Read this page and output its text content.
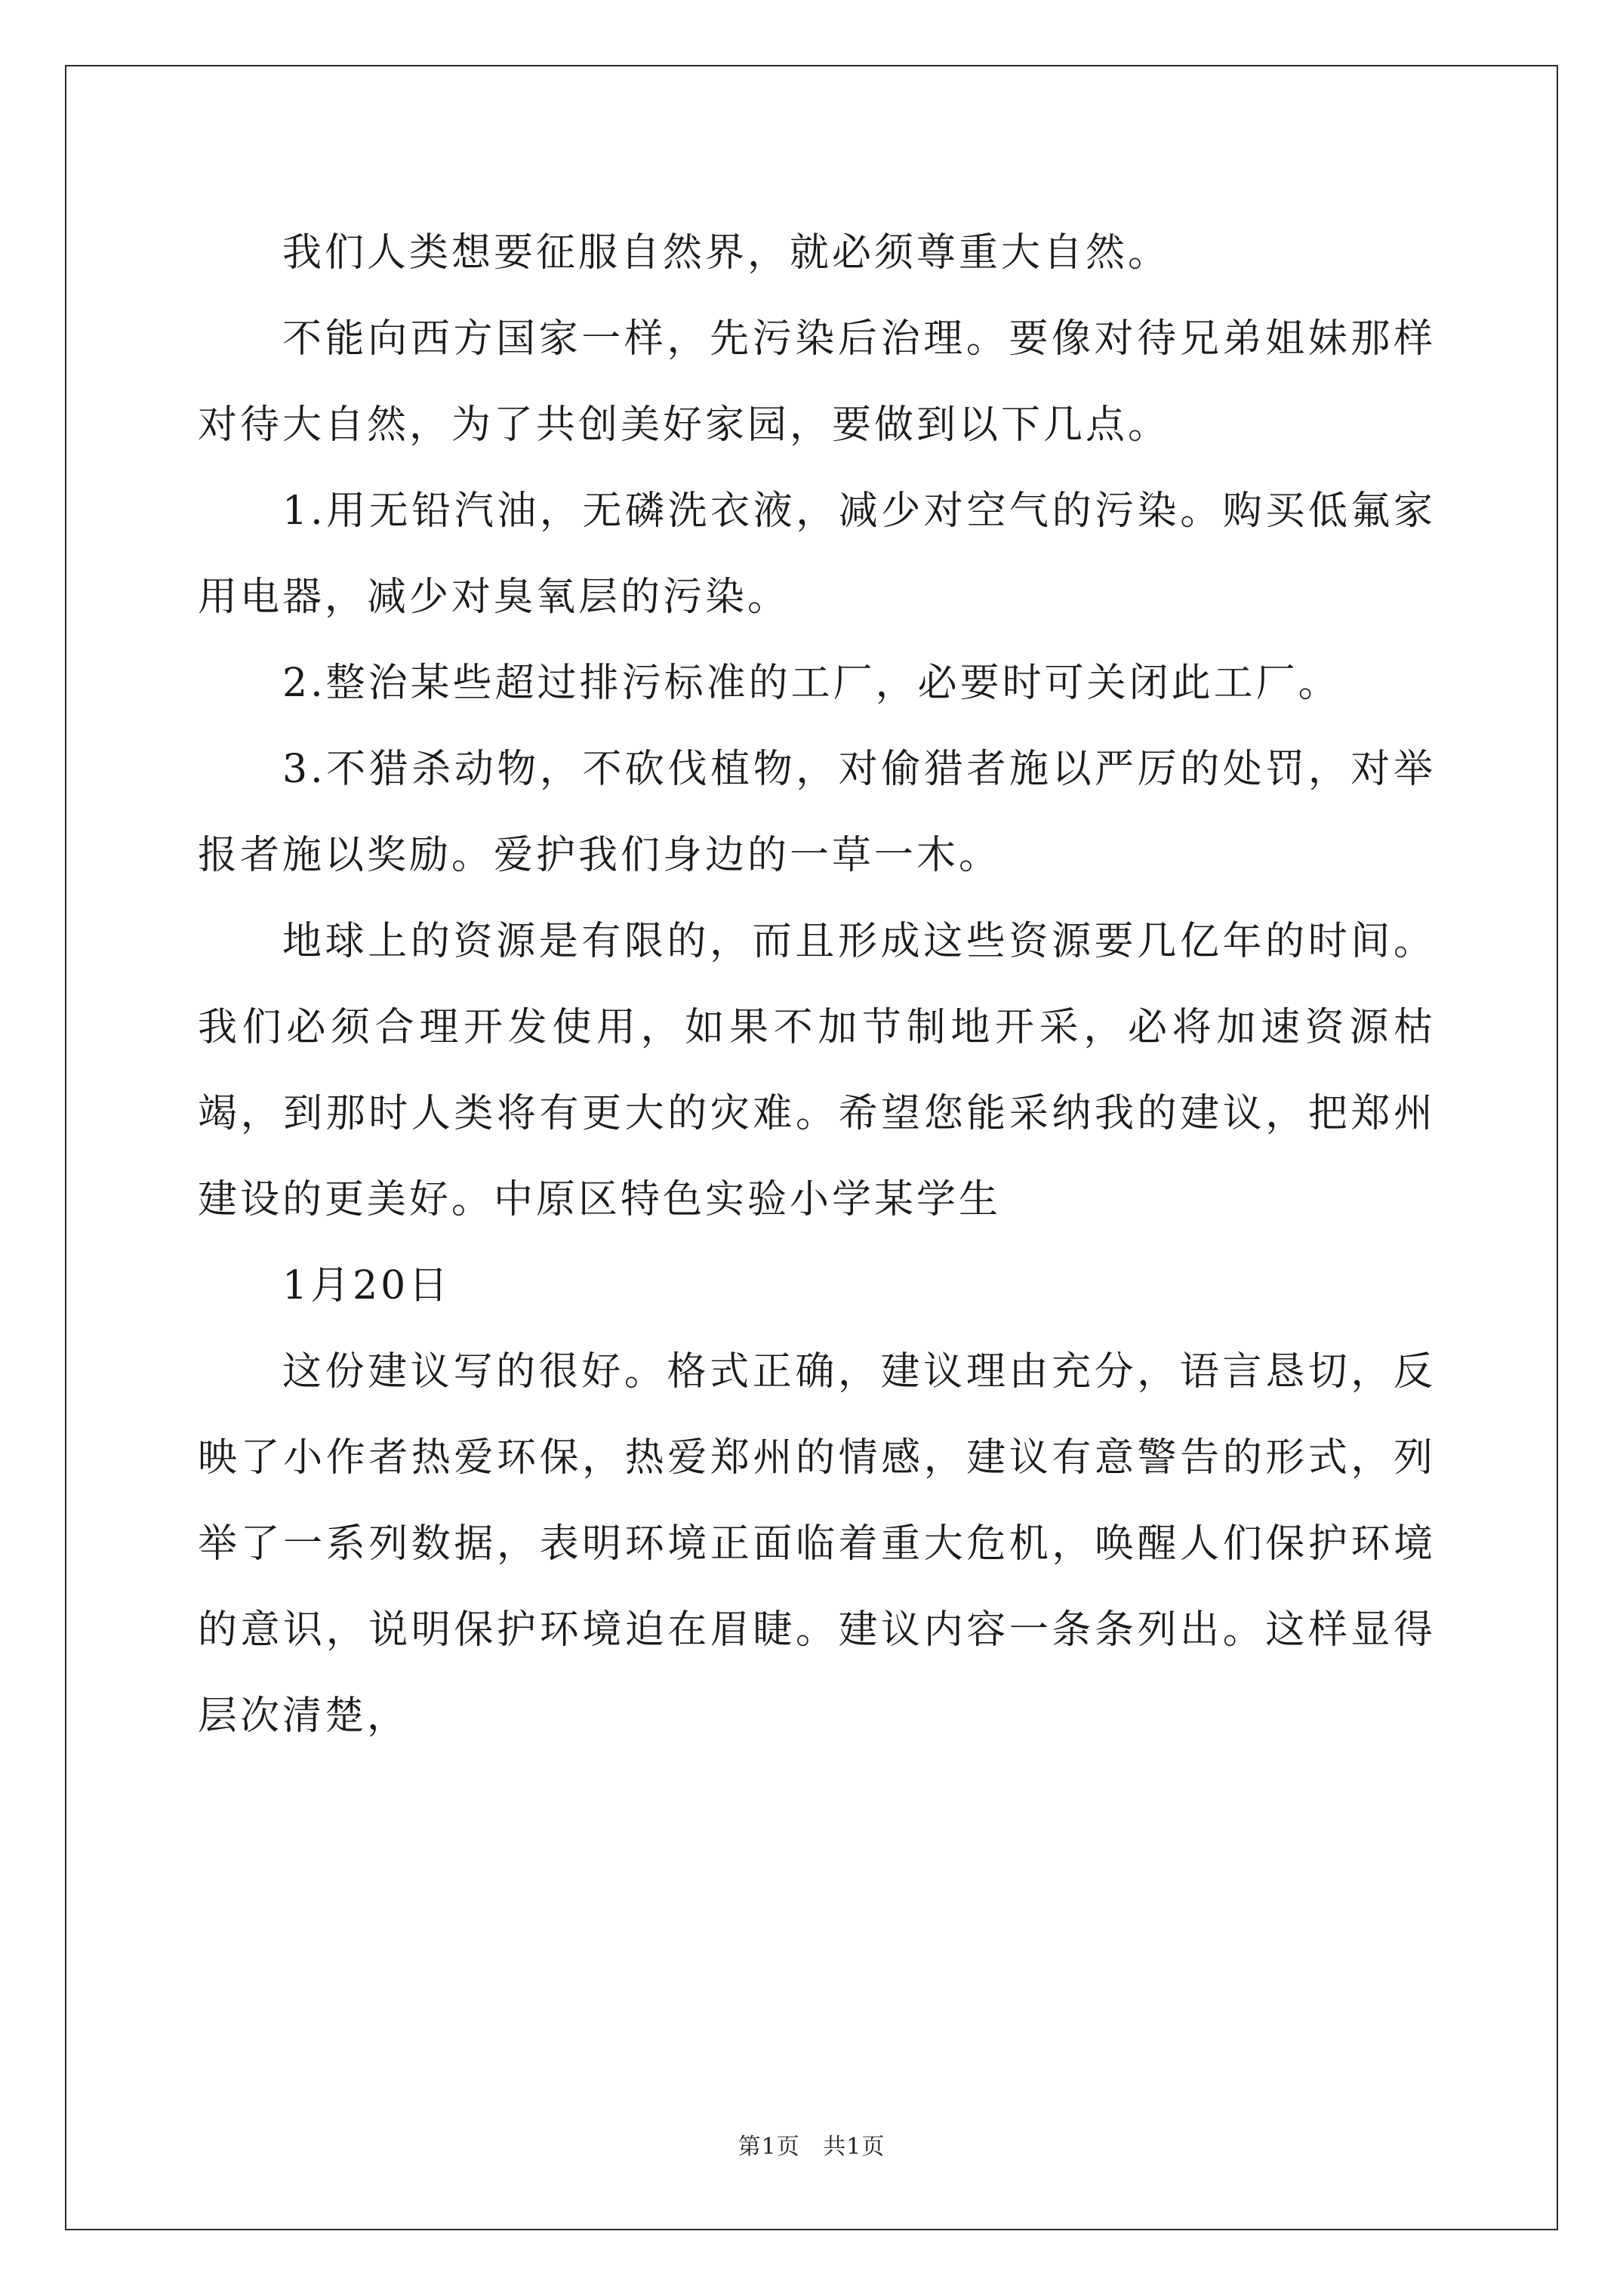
我们人类想要征服自然界，就必须尊重大自然。

不能向西方国家一样，先污染后治理。要像对待兄弟姐妹那样对待大自然，为了共创美好家园，要做到以下几点。

1.用无铅汽油，无磷洗衣液，减少对空气的污染。购买低氟家用电器，减少对臭氧层的污染。

2.整治某些超过排污标准的工厂，必要时可关闭此工厂。

3.不猎杀动物，不砍伐植物，对偷猎者施以严厉的处罚，对举报者施以奖励。爱护我们身边的一草一木。

地球上的资源是有限的，而且形成这些资源要几亿年的时间。我们必须合理开发使用，如果不加节制地开采，必将加速资源枯竭，到那时人类将有更大的灾难。希望您能采纳我的建议，把郑州建设的更美好。中原区特色实验小学某学生

1月20日

这份建议写的很好。格式正确，建议理由充分，语言恳切，反映了小作者热爱环保，热爱郑州的情感，建议有意警告的形式，列举了一系列数据，表明环境正面临着重大危机，唤醒人们保护环境的意识，说明保护环境迫在眉睫。建议内容一条条列出。这样显得层次清楚，

第1页 共1页
